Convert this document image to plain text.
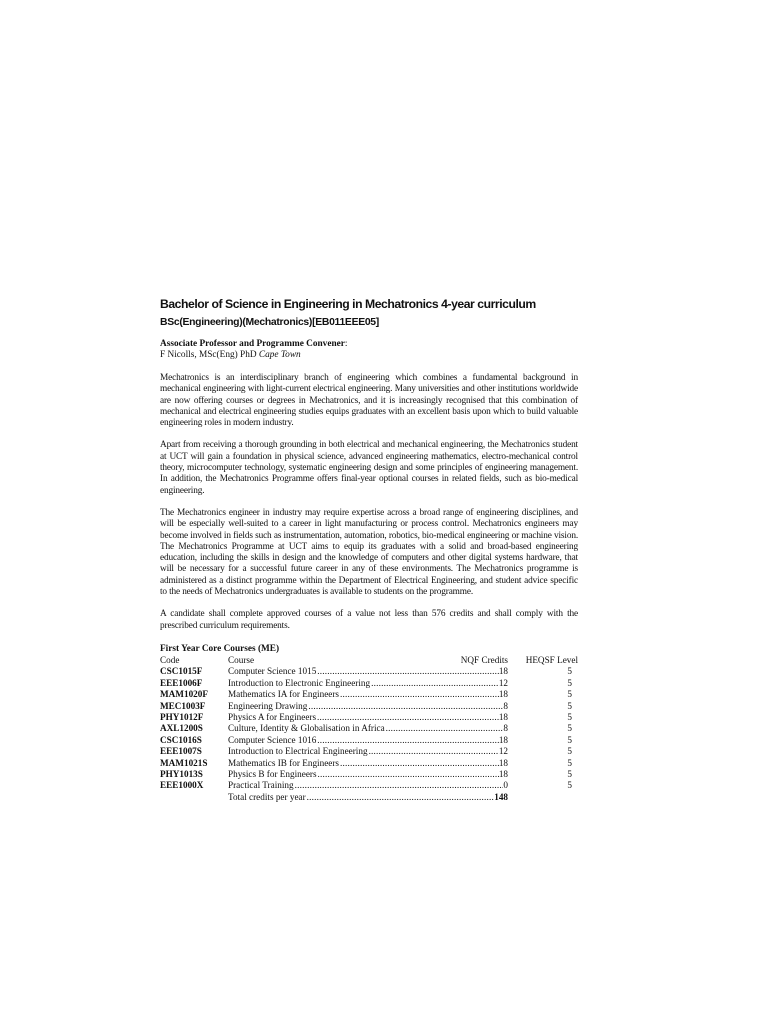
Bachelor of Science in Engineering in Mechatronics 4-year curriculum
BSc(Engineering)(Mechatronics)[EB011EEE05]
Associate Professor and Programme Convener:
F Nicolls, MSc(Eng) PhD Cape Town

Mechatronics is an interdisciplinary branch of engineering which combines a fundamental background in mechanical engineering with light-current electrical engineering. Many universities and other institutions worldwide are now offering courses or degrees in Mechatronics, and it is increasingly recognised that this combination of mechanical and electrical engineering studies equips graduates with an excellent basis upon which to build valuable engineering roles in modern industry.

Apart from receiving a thorough grounding in both electrical and mechanical engineering, the Mechatronics student at UCT will gain a foundation in physical science, advanced engineering mathematics, electro-mechanical control theory, microcomputer technology, systematic engineering design and some principles of engineering management. In addition, the Mechatronics Programme offers final-year optional courses in related fields, such as bio-medical engineering.

The Mechatronics engineer in industry may require expertise across a broad range of engineering disciplines, and will be especially well-suited to a career in light manufacturing or process control. Mechatronics engineers may become involved in fields such as instrumentation, automation, robotics, bio-medical engineering or machine vision. The Mechatronics Programme at UCT aims to equip its graduates with a solid and broad-based engineering education, including the skills in design and the knowledge of computers and other digital systems hardware, that will be necessary for a successful future career in any of these environments. The Mechatronics programme is administered as a distinct programme within the Department of Electrical Engineering, and student advice specific to the needs of Mechatronics undergraduates is available to students on the programme.

A candidate shall complete approved courses of a value not less than 576 credits and shall comply with the prescribed curriculum requirements.

First Year Core Courses (ME)
Code	Course NQF Credits	HEQSF Level
CSC1015F	Computer Science 1015 ..... 18	5
EEE1006F	Introduction to Electronic Engineering ..... 12	5
MAM1020F	Mathematics IA for Engineers ..... 18	5
MEC1003F	Engineering Drawing ..... 8	5
PHY1012F	Physics A for Engineers ..... 18	5
AXL1200S	Culture, Identity & Globalisation in Africa ..... 8	5
CSC1016S	Computer Science 1016 ..... 18	5
EEE1007S	Introduction to Electrical Engineering ..... 12	5
MAM1021S	Mathematics IB for Engineers ..... 18	5
PHY1013S	Physics B for Engineers ..... 18	5
EEE1000X	Practical Training ..... 0	5

	Total credits per year ..... 148
